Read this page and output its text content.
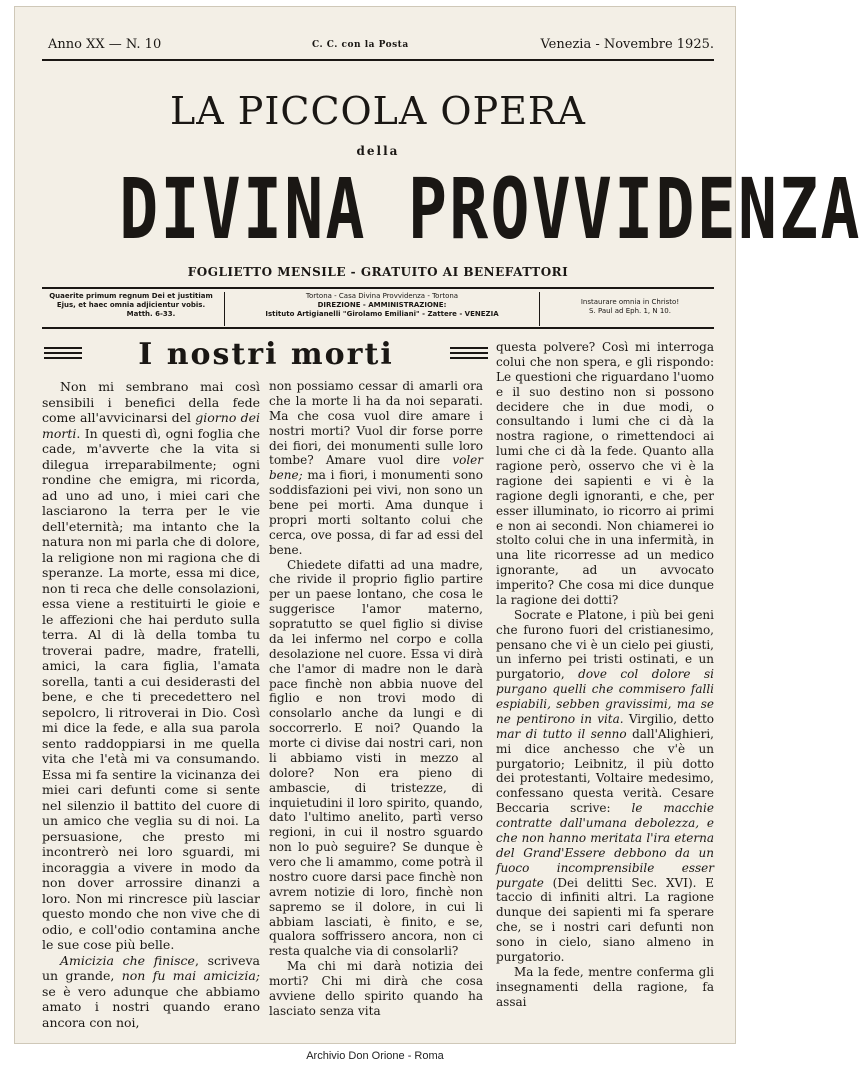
Anno XX — N. 10	C. C. con la Posta	Venezia - Novembre 1925.
LA PICCOLA OPERA
della
DIVINA PROVVIDENZA
FOGLIETTO MENSILE - GRATUITO AI BENEFATTORI
Quaerite primum regnum Dei et justitiam
Ejus, et haec omnia adjicientur vobis.
Matth. 6-33.
Tortona - Casa Divina Provvidenza - Tortona
DIREZIONE - AMMINISTRAZIONE:
Istituto Artigianelli "Girolamo Emiliani" - Zattere - VENEZIA
Instaurare omnia in Christo!
S. Paul ad Eph. 1, N 10.
I nostri morti

Non mi sembrano mai così sensibili i benefici della fede come all'avvicinarsi del giorno dei morti. In questi dì, ogni foglia che cade, m'avverte che la vita si dilegua irreparabilmente; ogni rondine che emigra, mi ricorda, ad uno ad uno, i miei cari che lasciarono la terra per le vie dell'eternità; ma intanto che la natura non mi parla che di dolore, la religione non mi ragiona che di speranze. La morte, essa mi dice, non ti reca che delle consolazioni, essa viene a restituirti le gioie e le affezioni che hai perduto sulla terra. Al di là della tomba tu troverai padre, madre, fratelli, amici, la cara figlia, l'amata sorella, tanti a cui desiderasti del bene, e che ti precedettero nel sepolcro, li ritroverai in Dio. Così mi dice la fede, e alla sua parola sento raddoppiarsi in me quella vita che l'età mi va consumando. Essa mi fa sentire la vicinanza dei miei cari defunti come si sente nel silenzio il battito del cuore di un amico che veglia su di noi. La persuasione, che presto mi incontrerò nei loro sguardi, mi incoraggia a vivere in modo da non dover arrossire dinanzi a loro. Non mi rincresce più lasciar questo mondo che non vive che di odio, e coll'odio contamina anche le sue cose più belle.

Amicizia che finisce, scriveva un grande, non fu mai amicizia; se è vero adunque che abbiamo amato i nostri quando erano ancora con noi,

non possiamo cessar di amarli ora che la morte li ha da noi separati. Ma che cosa vuol dire amare i nostri morti? Vuol dir forse porre dei fiori, dei monumenti sulle loro tombe? Amare vuol dire voler bene; ma i fiori, i monumenti sono soddisfazioni pei vivi, non sono un bene pei morti. Ama dunque i propri morti soltanto colui che cerca, ove possa, di far ad essi del bene.

Chiedete difatti ad una madre, che rivide il proprio figlio partire per un paese lontano, che cosa le suggerisce l'amor materno, sopratutto se quel figlio si divise da lei infermo nel corpo e colla desolazione nel cuore. Essa vi dirà che l'amor di madre non le darà pace finchè non abbia nuove del figlio e non trovi modo di consolarlo anche da lungi e di soccorrerlo. E noi? Quando la morte ci divise dai nostri cari, non li abbiamo visti in mezzo al dolore? Non era pieno di ambascie, di tristezze, di inquietudini il loro spirito, quando, dato l'ultimo anelito, partì verso regioni, in cui il nostro sguardo non lo può seguire? Se dunque è vero che li amammo, come potrà il nostro cuore darsi pace finchè non avrem notizie di loro, finchè non sapremo se il dolore, in cui li abbiam lasciati, è finito, e se, qualora soffrissero ancora, non ci resta qualche via di consolarli?

Ma chi mi darà notizia dei morti? Chi mi dirà che cosa avviene dello spirito quando ha lasciato senza vita

questa polvere? Così mi interroga colui che non spera, e gli rispondo: Le questioni che riguardano l'uomo e il suo destino non si possono decidere che in due modi, o consultando i lumi che ci dà la nostra ragione, o rimettendoci ai lumi che ci dà la fede. Quanto alla ragione però, osservo che vi è la ragione dei sapienti e vi è la ragione degli ignoranti, e che, per esser illuminato, io ricorro ai primi e non ai secondi. Non chiamerei io stolto colui che in una infermità, in una lite ricorresse ad un medico ignorante, ad un avvocato imperito? Che cosa mi dice dunque la ragione dei dotti?

Socrate e Platone, i più bei geni che furono fuori del cristianesimo, pensano che vi è un cielo pei giusti, un inferno pei tristi ostinati, e un purgatorio, dove col dolore si purgano quelli che commisero falli espiabili, sebben gravissimi, ma se ne pentirono in vita. Virgilio, detto mar di tutto il senno dall'Alighieri, mi dice anchesso che v'è un purgatorio; Leibnitz, il più dotto dei protestanti, Voltaire medesimo, confessano questa verità. Cesare Beccaria scrive: le macchie contratte dall'umana debolezza, e che non hanno meritata l'ira eterna del Grand'Essere debbono da un fuoco incomprensibile esser purgate (Dei delitti Sec. XVI). E taccio di infiniti altri. La ragione dunque dei sapienti mi fa sperare che, se i nostri cari defunti non sono in cielo, siano almeno in purgatorio.

Ma la fede, mentre conferma gli insegnamenti della ragione, fa assai

Archivio Don Orione - Roma
